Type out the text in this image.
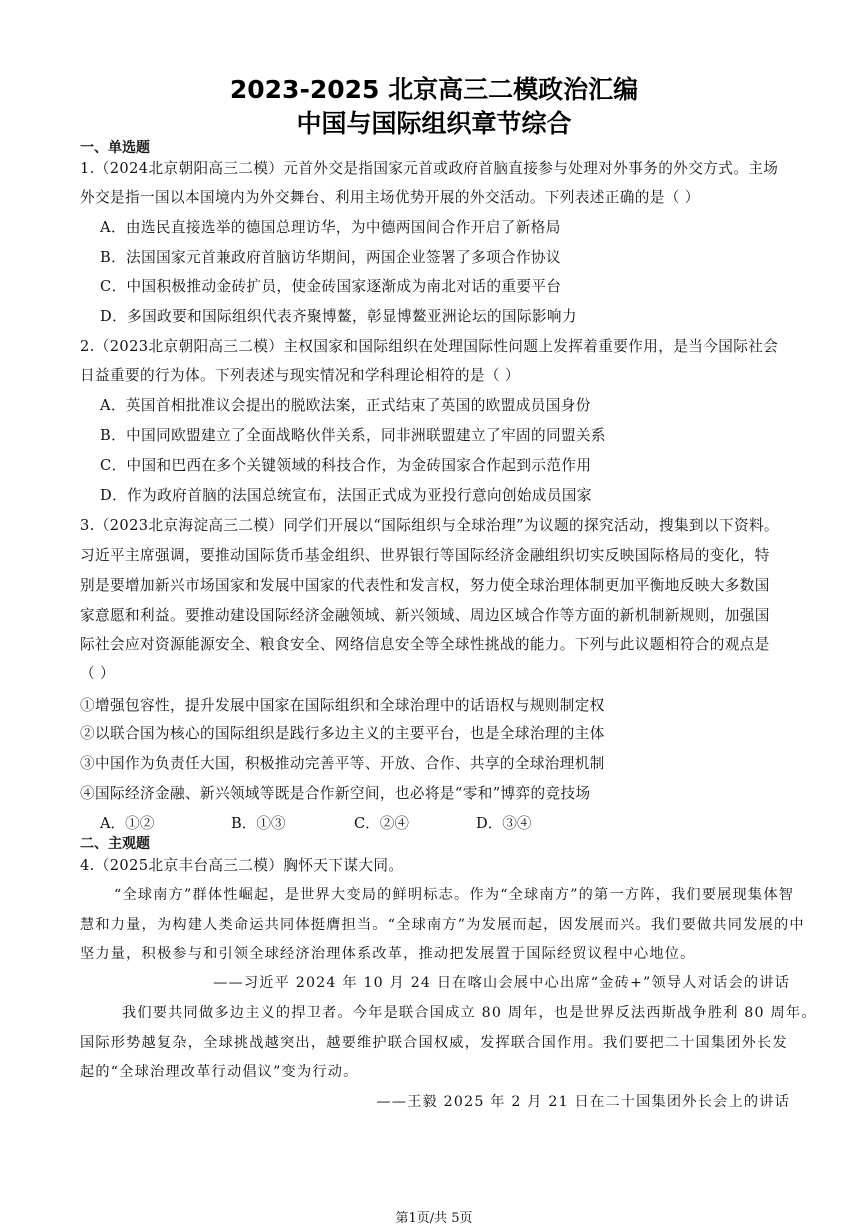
2023-2025 北京高三二模政治汇编
中国与国际组织章节综合
一、单选题
1.（2024北京朝阳高三二模）元首外交是指国家元首或政府首脑直接参与处理对外事务的外交方式。主场
外交是指一国以本国境内为外交舞台、利用主场优势开展的外交活动。下列表述正确的是（ ）
A．由选民直接选举的德国总理访华，为中德两国间合作开启了新格局
B．法国国家元首兼政府首脑访华期间，两国企业签署了多项合作协议
C．中国积极推动金砖扩员，使金砖国家逐渐成为南北对话的重要平台
D．多国政要和国际组织代表齐聚博鳌，彰显博鳌亚洲论坛的国际影响力
2.（2023北京朝阳高三二模）主权国家和国际组织在处理国际性问题上发挥着重要作用，是当今国际社会
日益重要的行为体。下列表述与现实情况和学科理论相符的是（ ）
A．英国首相批准议会提出的脱欧法案，正式结束了英国的欧盟成员国身份
B．中国同欧盟建立了全面战略伙伴关系，同非洲联盟建立了牢固的同盟关系
C．中国和巴西在多个关键领域的科技合作，为金砖国家合作起到示范作用
D．作为政府首脑的法国总统宣布，法国正式成为亚投行意向创始成员国家
3.（2023北京海淀高三二模）同学们开展以“国际组织与全球治理”为议题的探究活动，搜集到以下资料。
习近平主席强调，要推动国际货币基金组织、世界银行等国际经济金融组织切实反映国际格局的变化，特
别是要增加新兴市场国家和发展中国家的代表性和发言权，努力使全球治理体制更加平衡地反映大多数国
家意愿和利益。要推动建设国际经济金融领域、新兴领域、周边区域合作等方面的新机制新规则，加强国
际社会应对资源能源安全、粮食安全、网络信息安全等全球性挑战的能力。下列与此议题相符合的观点是
（ ）
①增强包容性，提升发展中国家在国际组织和全球治理中的话语权与规则制定权
②以联合国为核心的国际组织是践行多边主义的主要平台，也是全球治理的主体
③中国作为负责任大国，积极推动完善平等、开放、合作、共享的全球治理机制
④国际经济金融、新兴领域等既是合作新空间，也必将是“零和”博弈的竞技场
A．①②	B．①③	C．②④	D．③④
二、主观题
4.（2025北京丰台高三二模）胸怀天下谋大同。
“全球南方”群体性崛起，是世界大变局的鲜明标志。作为“全球南方”的第一方阵，我们要展现集体智
慧和力量，为构建人类命运共同体挺膺担当。“全球南方”为发展而起，因发展而兴。我们要做共同发展的中
坚力量，积极参与和引领全球经济治理体系改革，推动把发展置于国际经贸议程中心地位。
——习近平 2024 年 10 月 24 日在喀山会展中心出席“金砖+”领导人对话会的讲话
我们要共同做多边主义的捍卫者。今年是联合国成立 80 周年，也是世界反法西斯战争胜利 80 周年。
国际形势越复杂，全球挑战越突出，越要维护联合国权威，发挥联合国作用。我们要把二十国集团外长发
起的“全球治理改革行动倡议”变为行动。
——王毅 2025 年 2 月 21 日在二十国集团外长会上的讲话
第1页/共 5页
